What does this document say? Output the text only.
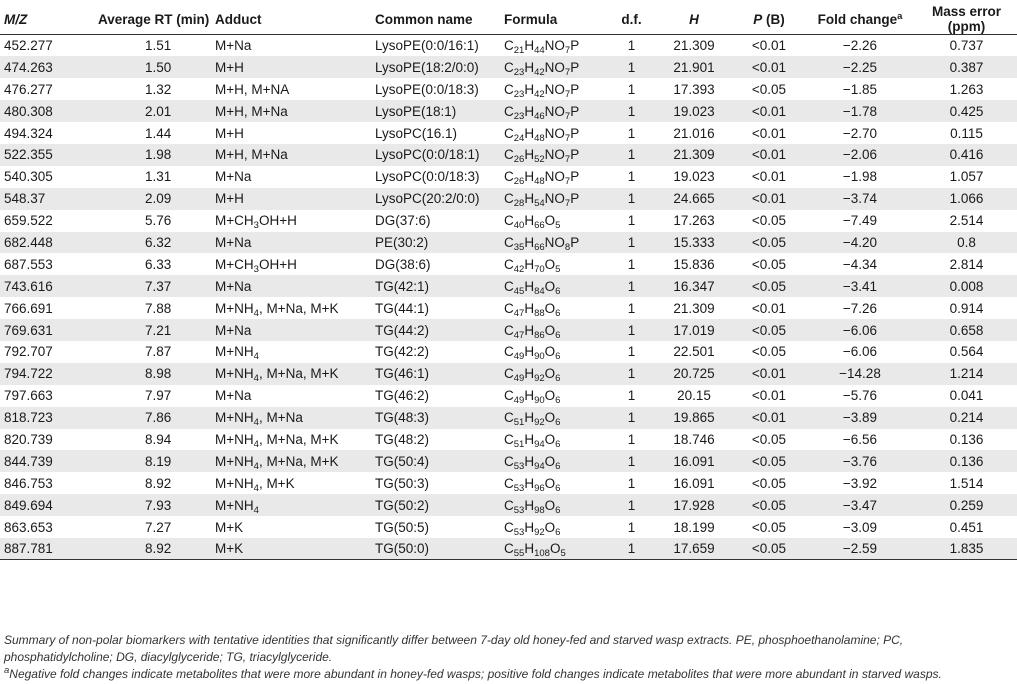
M/Z	Average RT (min)	Adduct	Common name	Formula	d.f.	H	P (B)	Fold change$^a$	Mass error (ppm)
452.277	1.51	M+Na	LysoPE(0:0/16:1)	$C_{21}H_{44}NO_7P$	1	21.309	<0.01	−2.26	0.737
474.263	1.50	M+H	LysoPE(18:2/0:0)	$C_{23}H_{42}NO_7P$	1	21.901	<0.01	−2.25	0.387
476.277	1.32	M+H, M+NA	LysoPE(0:0/18:3)	$C_{23}H_{42}NO_7P$	1	17.393	<0.05	−1.85	1.263
480.308	2.01	M+H, M+Na	LysoPE(18:1)	$C_{23}H_{46}NO_7P$	1	19.023	<0.01	−1.78	0.425
494.324	1.44	M+H	LysoPC(16.1)	$C_{24}H_{48}NO_7P$	1	21.016	<0.01	−2.70	0.115
522.355	1.98	M+H, M+Na	LysoPC(0:0/18:1)	$C_{26}H_{52}NO_7P$	1	21.309	<0.01	−2.06	0.416
540.305	1.31	M+Na	LysoPC(0:0/18:3)	$C_{26}H_{48}NO_7P$	1	19.023	<0.01	−1.98	1.057
548.37	2.09	M+H	LysoPC(20:2/0:0)	$C_{28}H_{54}NO_7P$	1	24.665	<0.01	−3.74	1.066
659.522	5.76	$M+CH_3OH+H$	DG(37:6)	$C_{40}H_{66}O_5$	1	17.263	<0.05	−7.49	2.514
682.448	6.32	M+Na	PE(30:2)	$C_{35}H_{66}NO_8P$	1	15.333	<0.05	−4.20	0.8
687.553	6.33	$M+CH_3OH+H$	DG(38:6)	$C_{42}H_{70}O_5$	1	15.836	<0.05	−4.34	2.814
743.616	7.37	M+Na	TG(42:1)	$C_{45}H_{84}O_6$	1	16.347	<0.05	−3.41	0.008
766.691	7.88	$M+NH_4$, M+Na, M+K	TG(44:1)	$C_{47}H_{88}O_6$	1	21.309	<0.01	−7.26	0.914
769.631	7.21	M+Na	TG(44:2)	$C_{47}H_{86}O_6$	1	17.019	<0.05	−6.06	0.658
792.707	7.87	$M+NH_4$	TG(42:2)	$C_{49}H_{90}O_6$	1	22.501	<0.05	−6.06	0.564
794.722	8.98	$M+NH_4$, M+Na, M+K	TG(46:1)	$C_{49}H_{92}O_6$	1	20.725	<0.01	−14.28	1.214
797.663	7.97	M+Na	TG(46:2)	$C_{49}H_{90}O_6$	1	20.15	<0.01	−5.76	0.041
818.723	7.86	$M+NH_4$, M+Na	TG(48:3)	$C_{51}H_{92}O_6$	1	19.865	<0.01	−3.89	0.214
820.739	8.94	$M+NH_4$, M+Na, M+K	TG(48:2)	$C_{51}H_{94}O_6$	1	18.746	<0.05	−6.56	0.136
844.739	8.19	$M+NH_4$, M+Na, M+K	TG(50:4)	$C_{53}H_{94}O_6$	1	16.091	<0.05	−3.76	0.136
846.753	8.92	$M+NH_4$, M+K	TG(50:3)	$C_{53}H_{96}O_6$	1	16.091	<0.05	−3.92	1.514
849.694	7.93	$M+NH_4$	TG(50:2)	$C_{53}H_{98}O_6$	1	17.928	<0.05	−3.47	0.259
863.653	7.27	M+K	TG(50:5)	$C_{53}H_{92}O_6$	1	18.199	<0.05	−3.09	0.451
887.781	8.92	M+K	TG(50:0)	$C_{55}H_{108}O_5$	1	17.659	<0.05	−2.59	1.835
Summary of non-polar biomarkers with tentative identities that significantly differ between 7-day old honey-fed and starved wasp extracts. PE, phosphoethanolamine; PC, phosphatidylcholine; DG, diacylglyceride; TG, triacylglyceride.
$^a$Negative fold changes indicate metabolites that were more abundant in honey-fed wasps; positive fold changes indicate metabolites that were more abundant in starved wasps.
